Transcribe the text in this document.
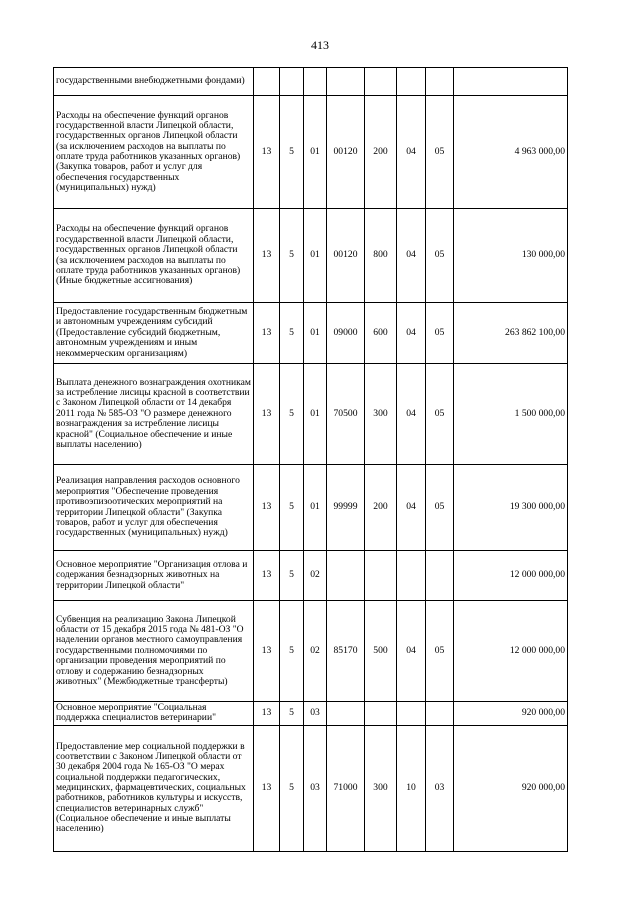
413
государственными внебюджетными фондами)								
Расходы на обеспечение функций органов государственной власти Липецкой области, государственных органов Липецкой области (за исключением расходов на выплаты по оплате труда работников указанных органов) (Закупка товаров, работ и услуг для обеспечения государственных (муниципальных) нужд)	13	5	01	00120	200	04	05	4 963 000,00
Расходы на обеспечение функций органов государственной власти Липецкой области, государственных органов Липецкой области (за исключением расходов на выплаты по оплате труда работников указанных органов) (Иные бюджетные ассигнования)	13	5	01	00120	800	04	05	130 000,00
Предоставление государственным бюджетным и автономным учреждениям субсидий (Предоставление субсидий бюджетным, автономным учреждениям и иным некоммерческим организациям)	13	5	01	09000	600	04	05	263 862 100,00
Выплата денежного вознаграждения охотникам за истребление лисицы красной в соответствии с Законом Липецкой области от 14 декабря 2011 года № 585-ОЗ "О размере денежного вознаграждения за истребление лисицы красной" (Социальное обеспечение и иные выплаты населению)	13	5	01	70500	300	04	05	1 500 000,00
Реализация направления расходов основного мероприятия "Обеспечение проведения противоэпизоотических мероприятий на территории Липецкой области" (Закупка товаров, работ и услуг для обеспечения государственных (муниципальных) нужд)	13	5	01	99999	200	04	05	19 300 000,00
Основное мероприятие "Организация отлова и содержания безнадзорных животных на территории Липецкой области"	13	5	02					12 000 000,00
Субвенция на реализацию Закона Липецкой области от 15 декабря 2015 года № 481-ОЗ "О наделении органов местного самоуправления государственными полномочиями по организации проведения мероприятий по отлову и содержанию безнадзорных животных" (Межбюджетные трансферты)	13	5	02	85170	500	04	05	12 000 000,00
Основное мероприятие "Социальная поддержка специалистов ветеринарии"	13	5	03					920 000,00
Предоставление мер социальной поддержки в соответствии с Законом Липецкой области от 30 декабря 2004 года № 165-ОЗ "О мерах социальной поддержки педагогических, медицинских, фармацевтических, социальных работников, работников культуры и искусств, специалистов ветеринарных служб" (Социальное обеспечение и иные выплаты населению)	13	5	03	71000	300	10	03	920 000,00
